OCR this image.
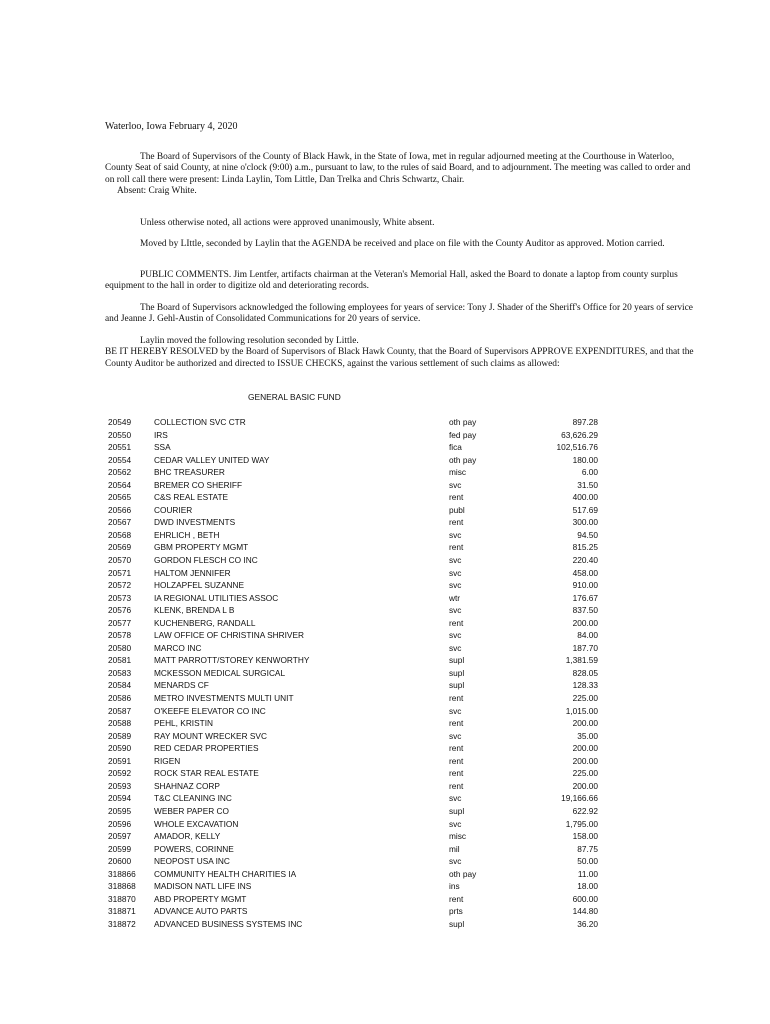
Waterloo, Iowa February 4, 2020

The Board of Supervisors of the County of Black Hawk, in the State of Iowa, met in regular adjourned meeting at the Courthouse in Waterloo, County Seat of said County, at nine o'clock (9:00) a.m., pursuant to law, to the rules of said Board, and to adjournment. The meeting was called to order and on roll call there were present: Linda Laylin, Tom Little, Dan Trelka and Chris Schwartz, Chair.
Absent: Craig White.

Unless otherwise noted, all actions were approved unanimously, White absent.

Moved by LIttle, seconded by Laylin that the AGENDA be received and place on file with the County Auditor as approved. Motion carried.

PUBLIC COMMENTS. Jim Lentfer, artifacts chairman at the Veteran's Memorial Hall, asked the Board to donate a laptop from county surplus equipment to the hall in order to digitize old and deteriorating records.

The Board of Supervisors acknowledged the following employees for years of service: Tony J. Shader of the Sheriff's Office for 20 years of service and Jeanne J. Gehl-Austin of Consolidated Communications for 20 years of service.

Laylin moved the following resolution seconded by Little.
BE IT HEREBY RESOLVED by the Board of Supervisors of Black Hawk County, that the Board of Supervisors APPROVE EXPENDITURES, and that the County Auditor be authorized and directed to ISSUE CHECKS, against the various settlement of such claims as allowed:

GENERAL BASIC FUND
20549	COLLECTION SVC CTR	oth pay	897.28
20550	IRS	fed pay	63,626.29
20551	SSA	fica	102,516.76
20554	CEDAR VALLEY UNITED WAY	oth pay	180.00
20562	BHC TREASURER	misc	6.00
20564	BREMER CO SHERIFF	svc	31.50
20565	C&S REAL ESTATE	rent	400.00
20566	COURIER	publ	517.69
20567	DWD INVESTMENTS	rent	300.00
20568	EHRLICH , BETH	svc	94.50
20569	GBM PROPERTY MGMT	rent	815.25
20570	GORDON FLESCH CO INC	svc	220.40
20571	HALTOM JENNIFER	svc	458.00
20572	HOLZAPFEL SUZANNE	svc	910.00
20573	IA REGIONAL UTILITIES ASSOC	wtr	176.67
20576	KLENK, BRENDA L B	svc	837.50
20577	KUCHENBERG, RANDALL	rent	200.00
20578	LAW OFFICE OF CHRISTINA SHRIVER	svc	84.00
20580	MARCO INC	svc	187.70
20581	MATT PARROTT/STOREY KENWORTHY	supl	1,381.59
20583	MCKESSON MEDICAL SURGICAL	supl	828.05
20584	MENARDS CF	supl	128.33
20586	METRO INVESTMENTS MULTI UNIT	rent	225.00
20587	O'KEEFE ELEVATOR CO INC	svc	1,015.00
20588	PEHL, KRISTIN	rent	200.00
20589	RAY MOUNT WRECKER SVC	svc	35.00
20590	RED CEDAR PROPERTIES	rent	200.00
20591	RIGEN	rent	200.00
20592	ROCK STAR REAL ESTATE	rent	225.00
20593	SHAHNAZ CORP	rent	200.00
20594	T&C CLEANING INC	svc	19,166.66
20595	WEBER PAPER CO	supl	622.92
20596	WHOLE EXCAVATION	svc	1,795.00
20597	AMADOR, KELLY	misc	158.00
20599	POWERS, CORINNE	mil	87.75
20600	NEOPOST USA INC	svc	50.00
318866 COMMUNITY HEALTH CHARITIES IA	oth pay	11.00
318868 MADISON NATL LIFE INS	ins	18.00
318870 ABD PROPERTY MGMT	rent	600.00
318871 ADVANCE AUTO PARTS	prts	144.80
318872 ADVANCED BUSINESS SYSTEMS INC	supl	36.20
